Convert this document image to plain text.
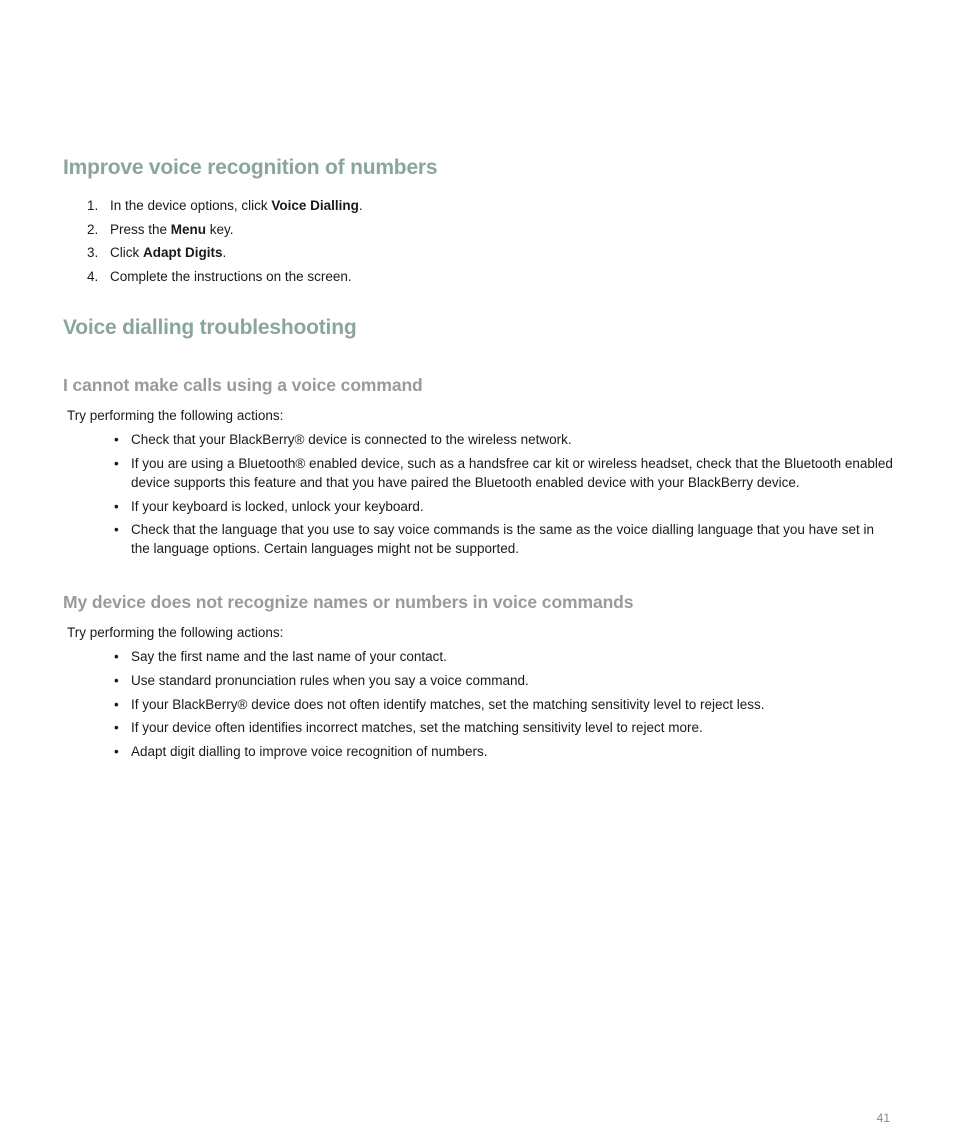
Improve voice recognition of numbers
1. In the device options, click Voice Dialling.
2. Press the Menu key.
3. Click Adapt Digits.
4. Complete the instructions on the screen.
Voice dialling troubleshooting
I cannot make calls using a voice command

Try performing the following actions:

• Check that your BlackBerry® device is connected to the wireless network.
• If you are using a Bluetooth® enabled device, such as a handsfree car kit or wireless headset, check that the Bluetooth enabled device supports this feature and that you have paired the Bluetooth enabled device with your BlackBerry device.
• If your keyboard is locked, unlock your keyboard.
• Check that the language that you use to say voice commands is the same as the voice dialling language that you have set in the language options. Certain languages might not be supported.
My device does not recognize names or numbers in voice commands

Try performing the following actions:

• Say the first name and the last name of your contact.
• Use standard pronunciation rules when you say a voice command.
• If your BlackBerry® device does not often identify matches, set the matching sensitivity level to reject less.
• If your device often identifies incorrect matches, set the matching sensitivity level to reject more.
• Adapt digit dialling to improve voice recognition of numbers.
41
